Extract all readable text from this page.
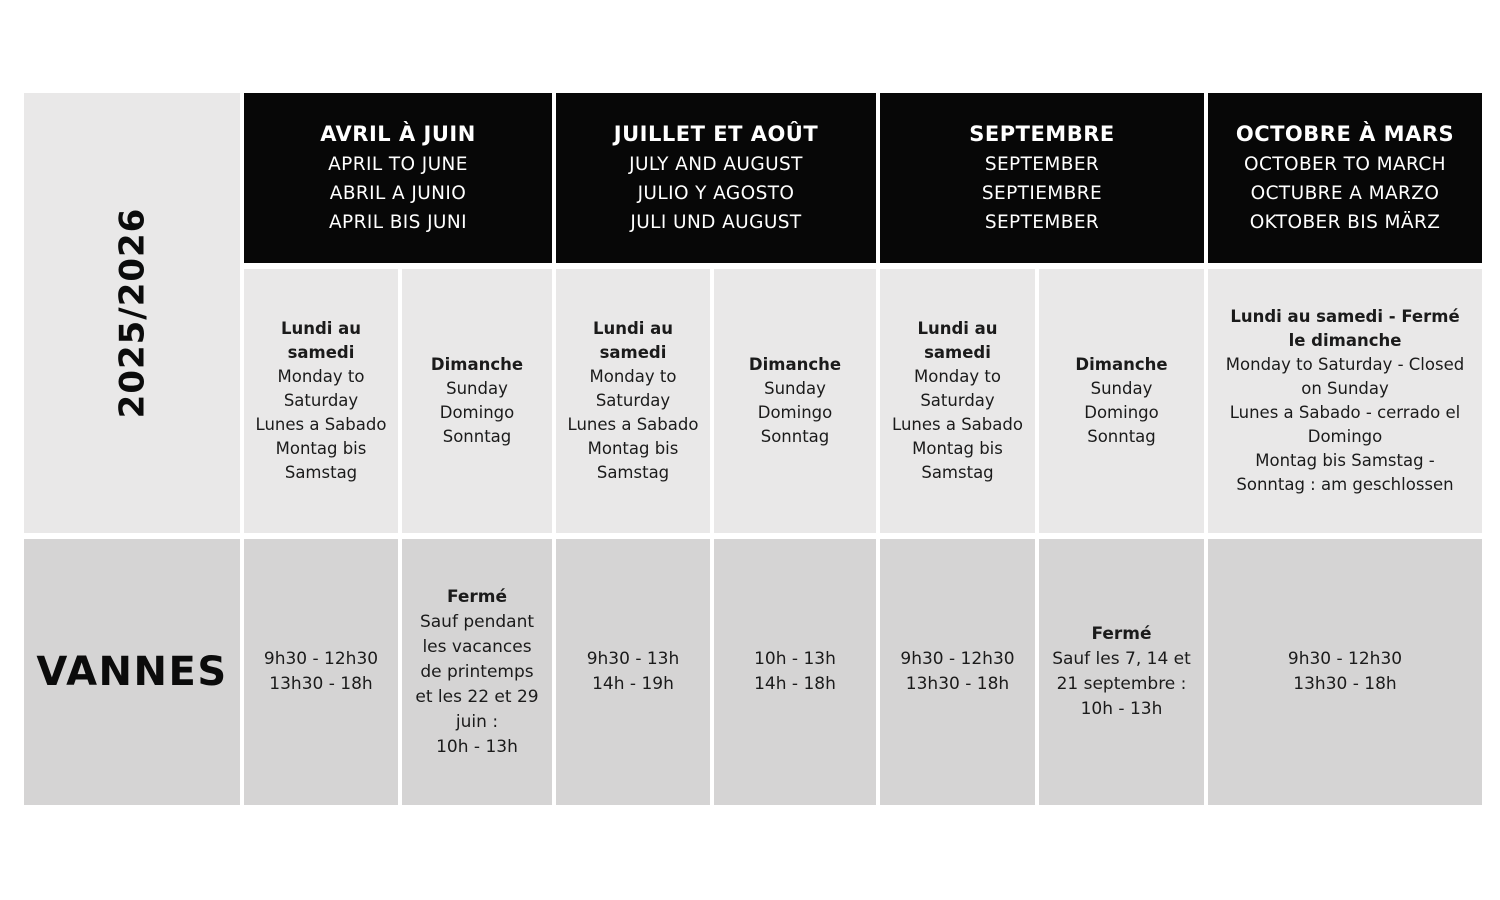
2025/2026
AVRIL À JUIN
APRIL TO JUNE
ABRIL A JUNIO
APRIL BIS JUNI
JUILLET ET AOÛT
JULY AND AUGUST
JULIO Y AGOSTO
JULI UND AUGUST
SEPTEMBRE
SEPTEMBER
SEPTIEMBRE
SEPTEMBER
OCTOBRE À MARS
OCTOBER TO MARCH
OCTUBRE A MARZO
OKTOBER BIS MÄRZ
Lundi au samedi
Monday to Saturday
Lunes a Sabado
Montag bis Samstag
Dimanche
Sunday
Domingo
Sonntag
Lundi au samedi
Monday to Saturday
Lunes a Sabado
Montag bis Samstag
Dimanche
Sunday
Domingo
Sonntag
Lundi au samedi
Monday to Saturday
Lunes a Sabado
Montag bis Samstag
Dimanche
Sunday
Domingo
Sonntag
Lundi au samedi - Fermé le dimanche
Monday to Saturday - Closed on Sunday
Lunes a Sabado - cerrado el Domingo
Montag bis Samstag - Sonntag : am geschlossen
VANNES	9h30 - 12h30
13h30 - 18h
Fermé
Sauf pendant les vacances de printemps et les 22 et 29 juin :
10h - 13h
9h30 - 13h
14h - 19h
10h - 13h
14h - 18h
9h30 - 12h30
13h30 - 18h
Fermé
Sauf les 7, 14 et 21 septembre :
10h - 13h
9h30 - 12h30
13h30 - 18h
